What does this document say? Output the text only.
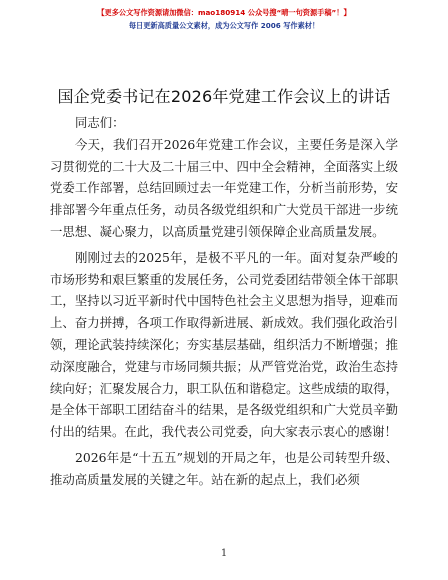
【更多公文写作资源请加微信：mao180914 公众号搜“晴一句资源手稿”！】
每日更新高质量公文素材，成为公文写作 2006 写作素材！
国企党委书记在2026年党建工作会议上的讲话

同志们：

今天，我们召开2026年党建工作会议，主要任务是深入学习贯彻党的二十大及二十届三中、四中全会精神，全面落实上级党委工作部署，总结回顾过去一年党建工作，分析当前形势，安排部署今年重点任务，动员各级党组织和广大党员干部进一步统一思想、凝心聚力，以高质量党建引领保障企业高质量发展。

刚刚过去的2025年，是极不平凡的一年。面对复杂严峻的市场形势和艰巨繁重的发展任务，公司党委团结带领全体干部职工，坚持以习近平新时代中国特色社会主义思想为指导，迎难而上、奋力拼搏，各项工作取得新进展、新成效。我们强化政治引领，理论武装持续深化；夯实基层基础，组织活力不断增强；推动深度融合，党建与市场同频共振；从严管党治党，政治生态持续向好；汇聚发展合力，职工队伍和谐稳定。这些成绩的取得，是全体干部职工团结奋斗的结果，是各级党组织和广大党员辛勤付出的结果。在此，我代表公司党委，向大家表示衷心的感谢！

2026年是“十五五”规划的开局之年，也是公司转型升级、推动高质量发展的关键之年。站在新的起点上，我们必须

1
